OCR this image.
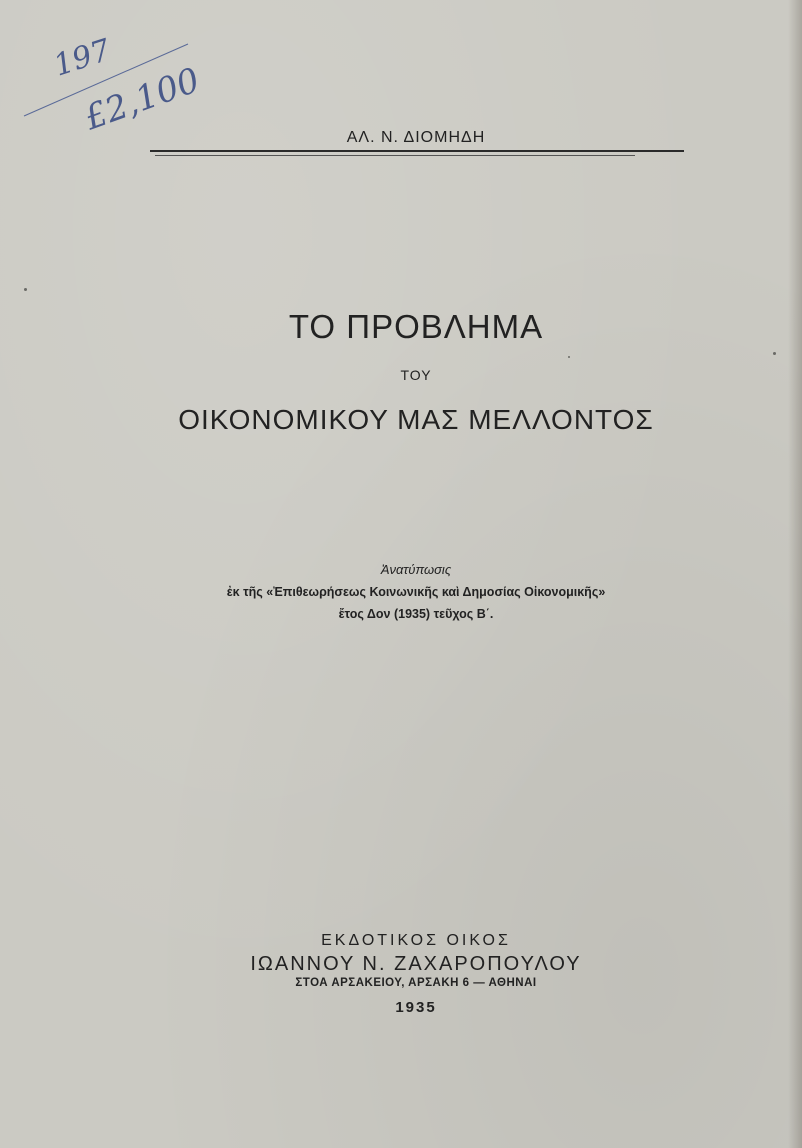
197
£2,100	ΑΛ. Ν. ΔΙΟΜΗΔΗ
ΤΟ ΠΡΟΒΛΗΜΑ
ΤΟΥ
ΟΙΚΟΝΟΜΙΚΟΥ ΜΑΣ ΜΕΛΛΟΝΤΟΣ
Ἀνατύπωσις
ἐκ τῆς «Ἐπιθεωρήσεως Κοινωνικῆς καὶ Δημοσίας Οἰκονομικῆς»
ἔτος Δον (1935) τεῦχος Β΄.
ΕΚΔΟΤΙΚΟΣ ΟΙΚΟΣ
ΙΩΑΝΝΟΥ Ν. ΖΑΧΑΡΟΠΟΥΛΟΥ
ΣΤΟΑ ΑΡΣΑΚΕΙΟΥ, ΑΡΣΑΚΗ 6 — ΑΘΗΝΑΙ
1935
